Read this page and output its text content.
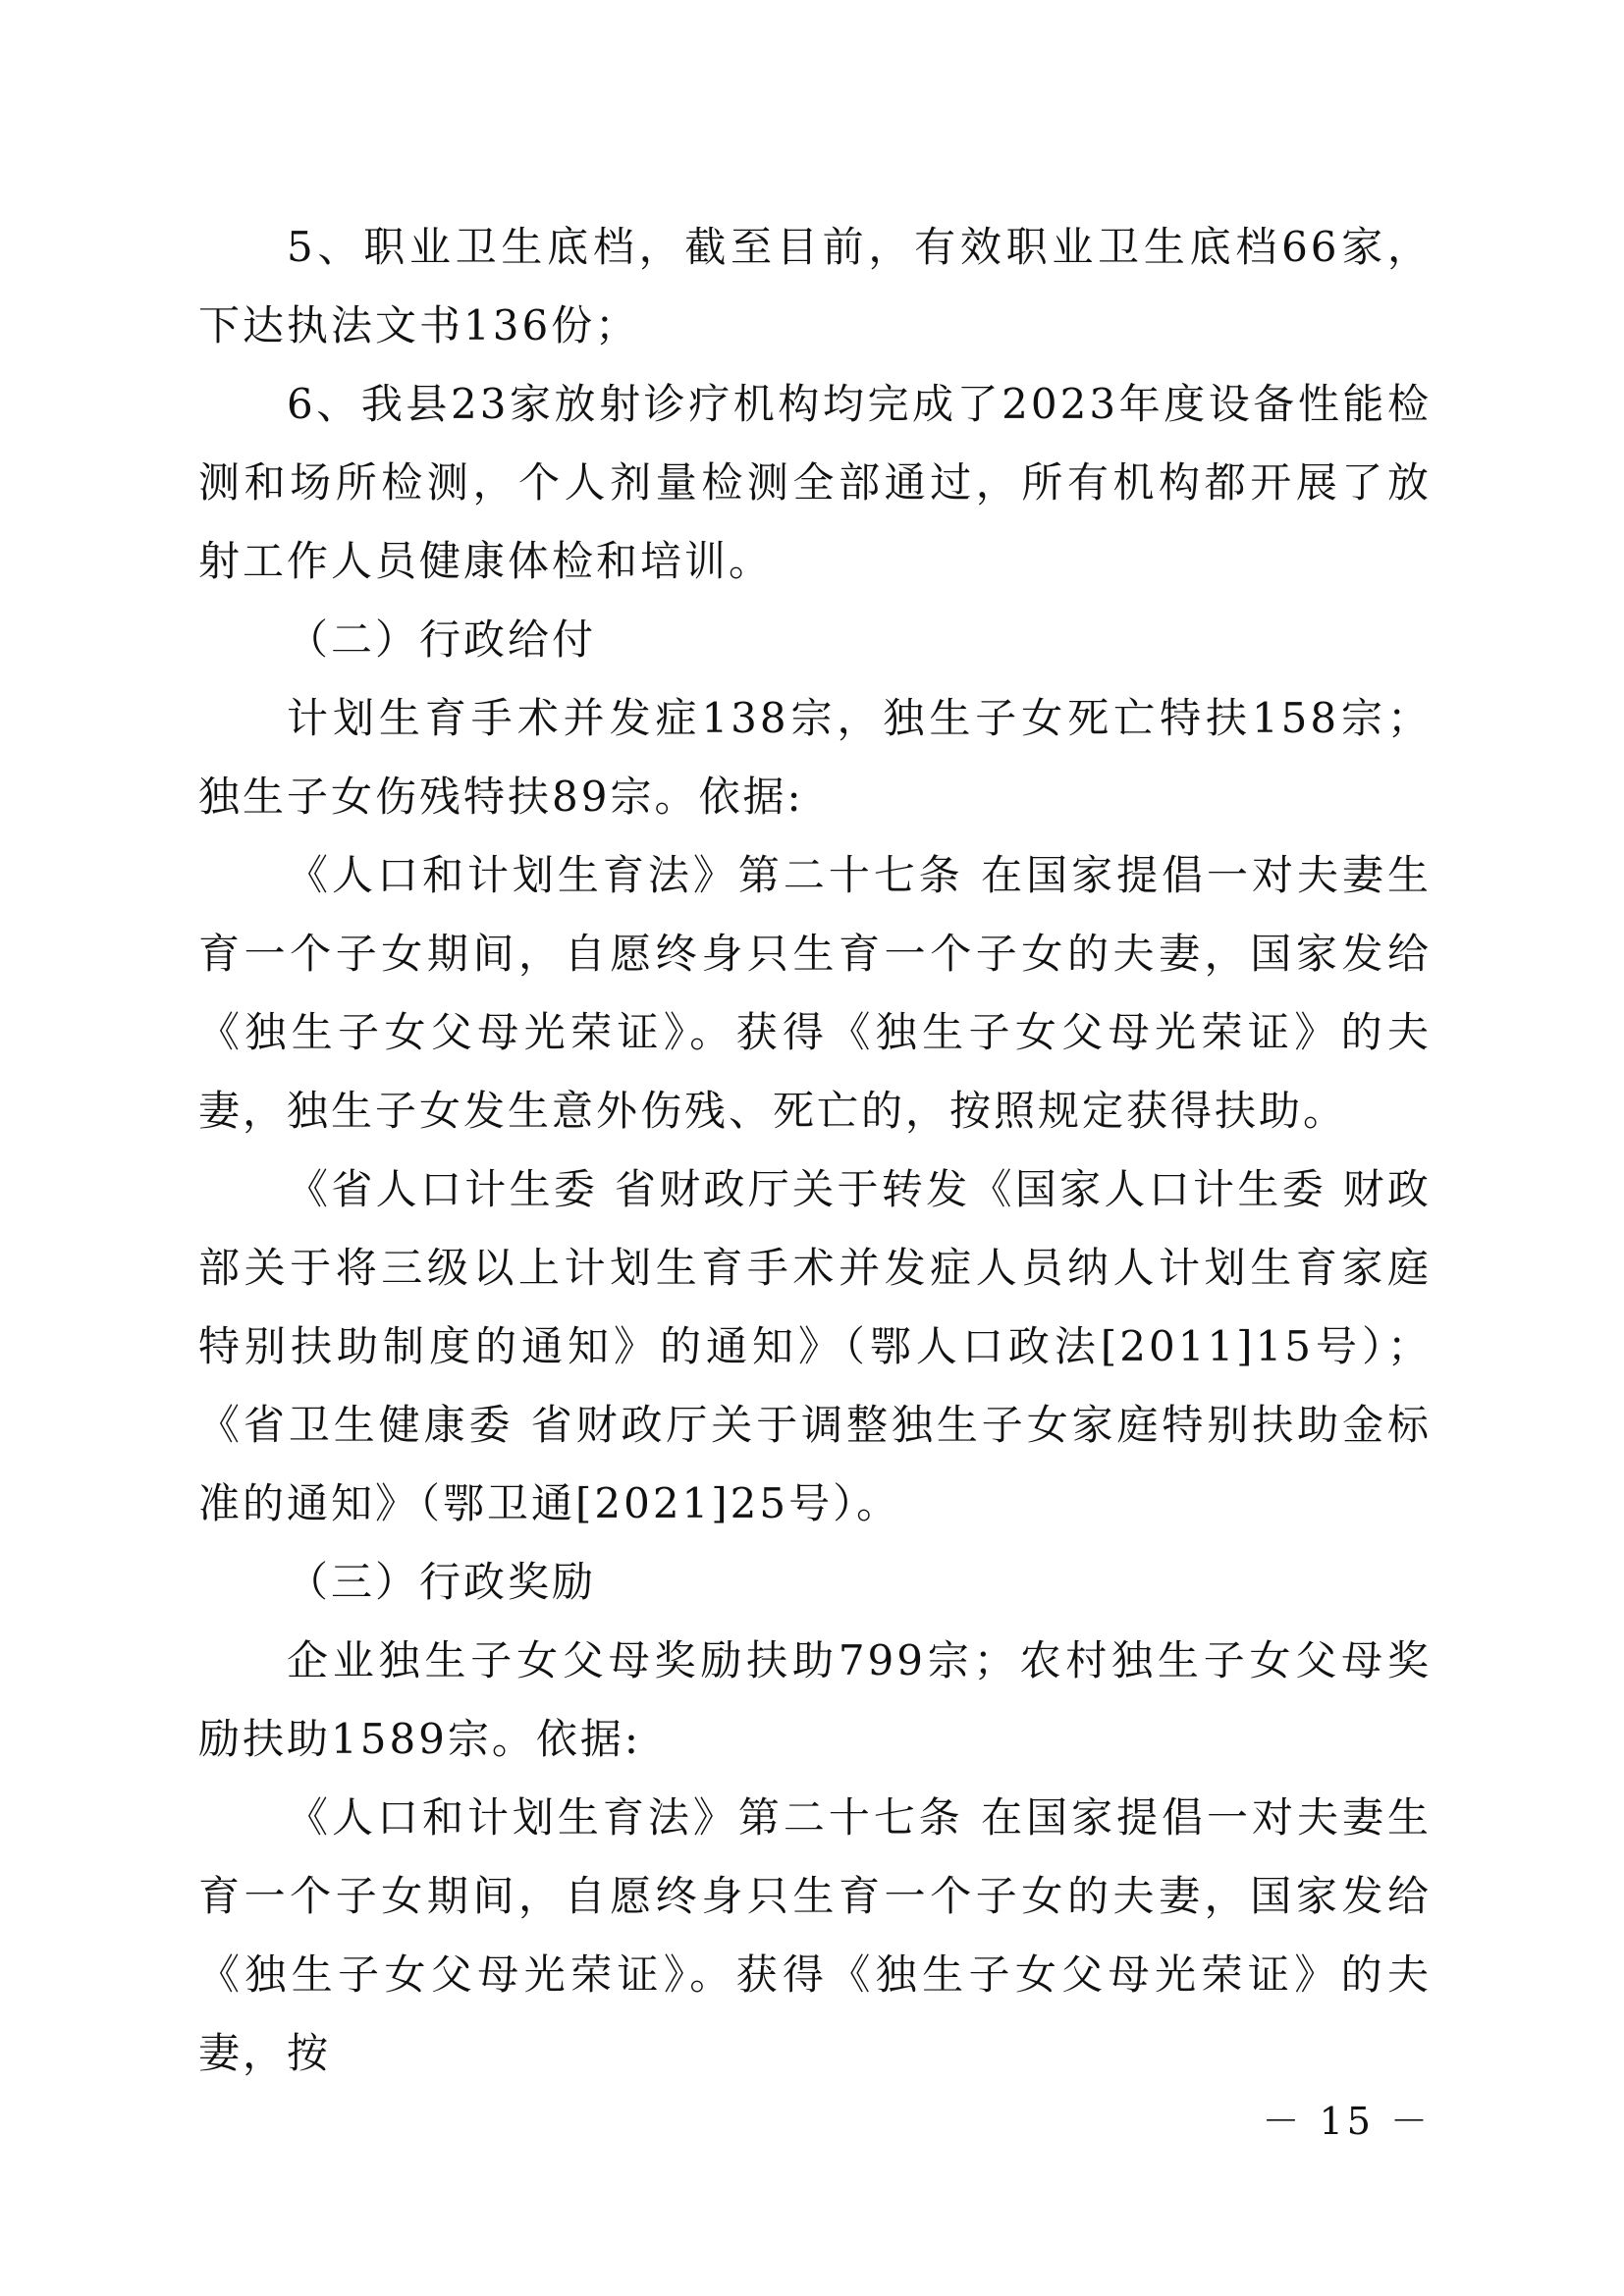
5、职业卫生底档，截至目前，有效职业卫生底档66家，下达执法文书136份；

6、我县23家放射诊疗机构均完成了2023年度设备性能检测和场所检测，个人剂量检测全部通过，所有机构都开展了放射工作人员健康体检和培训。

（二）行政给付

计划生育手术并发症138宗，独生子女死亡特扶158宗；独生子女伤残特扶89宗。依据:

《人口和计划生育法》第二十七条 在国家提倡一对夫妻生育一个子女期间，自愿终身只生育一个子女的夫妻，国家发给《独生子女父母光荣证》。获得《独生子女父母光荣证》的夫妻，独生子女发生意外伤残、死亡的，按照规定获得扶助。

《省人口计生委 省财政厅关于转发《国家人口计生委 财政部关于将三级以上计划生育手术并发症人员纳人计划生育家庭特别扶助制度的通知》的通知》（鄂人口政法[2011]15号）；《省卫生健康委 省财政厅关于调整独生子女家庭特别扶助金标准的通知》（鄂卫通[2021]25号）。

（三）行政奖励

企业独生子女父母奖励扶助799宗；农村独生子女父母奖励扶助1589宗。依据:

《人口和计划生育法》第二十七条 在国家提倡一对夫妻生育一个子女期间，自愿终身只生育一个子女的夫妻，国家发给《独生子女父母光荣证》。获得《独生子女父母光荣证》的夫妻，按

－ 15 －
